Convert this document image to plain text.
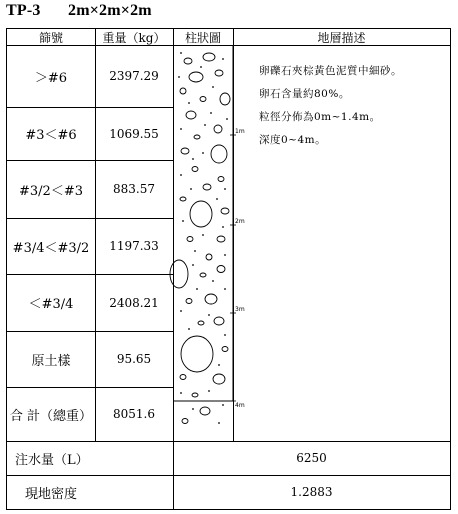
TP-3 2m×2m×2m
篩號	重量（kg）	柱狀圖	地層描述
＞#6	2397.29
#3＜#6	1069.55
#3/2＜#3	883.57
#3/4＜#3/2	1197.33
＜#3/4	2408.21
原土樣	95.65
合 計（總重）	8051.6
注水量（L）	6250
現地密度	1.2883
卵礫石夾棕黃色泥質中細砂。
卵石含量約80%。
粒徑分佈為0m~1.4m。
深度0~4m。
1m
2m
3m
4m
